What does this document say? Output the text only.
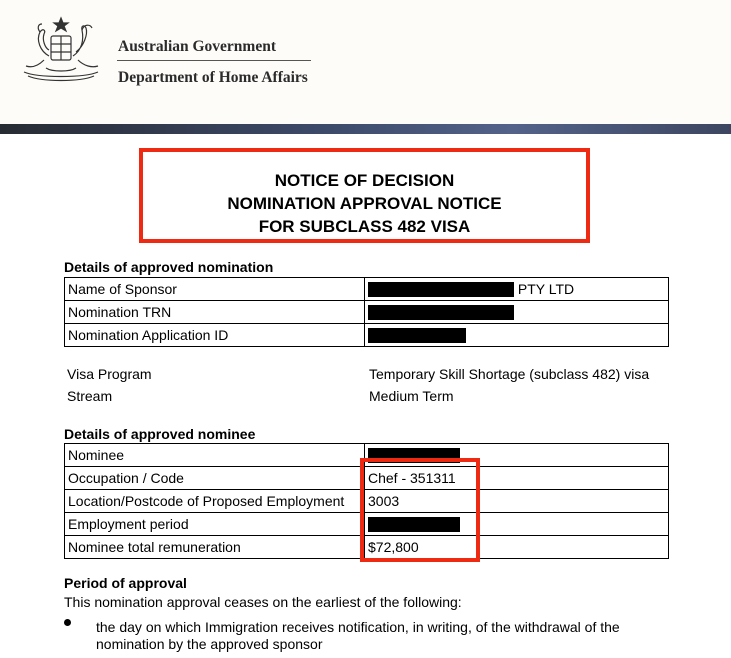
Australian Government
Department of Home Affairs
NOTICE OF DECISION
NOMINATION APPROVAL NOTICE
FOR SUBCLASS 482 VISA
Details of approved nomination
Name of Sponsor	PTY LTD
Nomination TRN	
Nomination Application ID	
Visa Program	Temporary Skill Shortage (subclass 482) visa
Stream	Medium Term
Details of approved nominee
Nominee	
Occupation / Code	Chef - 351311
Location/Postcode of Proposed Employment	3003
Employment period	
Nominee total remuneration	$72,800
Period of approval
This nomination approval ceases on the earliest of the following:
the day on which Immigration receives notification, in writing, of the withdrawal of the
nomination by the approved sponsor
